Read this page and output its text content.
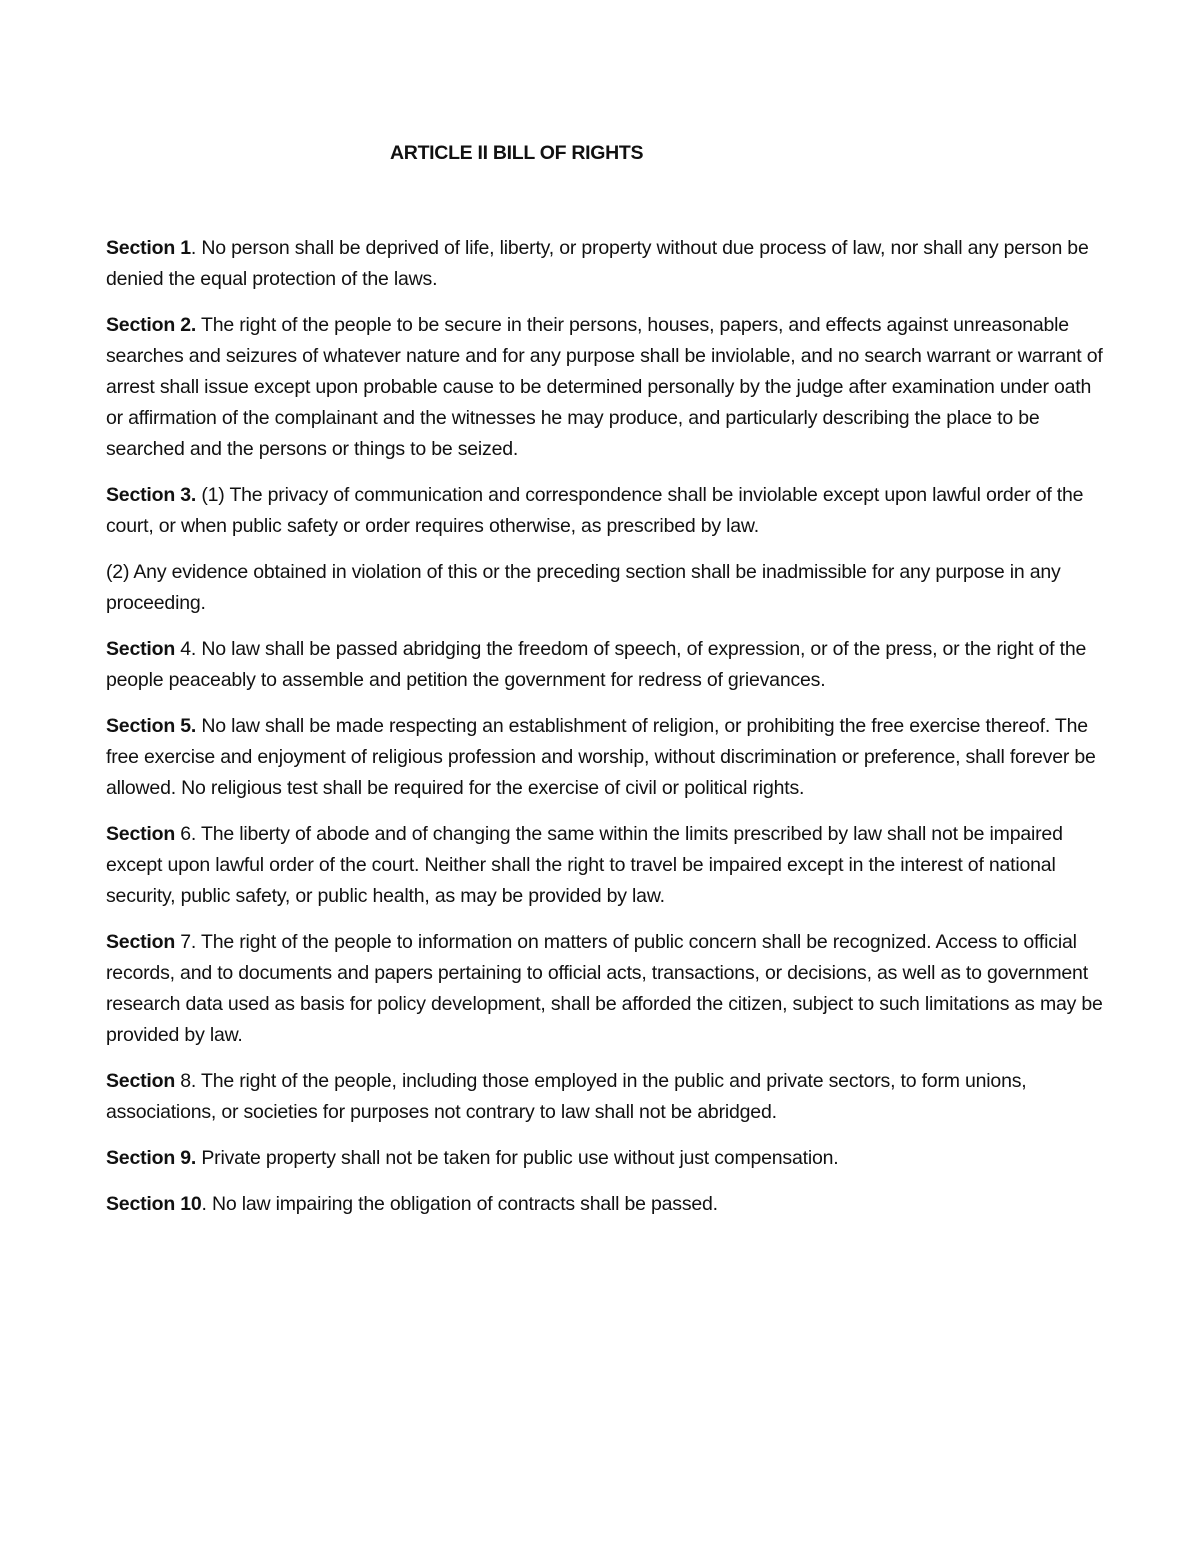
ARTICLE II BILL OF RIGHTS

Section 1. No person shall be deprived of life, liberty, or property without due process of law, nor shall any person be denied the equal protection of the laws.

Section 2. The right of the people to be secure in their persons, houses, papers, and effects against unreasonable searches and seizures of whatever nature and for any purpose shall be inviolable, and no search warrant or warrant of arrest shall issue except upon probable cause to be determined personally by the judge after examination under oath or affirmation of the complainant and the witnesses he may produce, and particularly describing the place to be searched and the persons or things to be seized.

Section 3. (1) The privacy of communication and correspondence shall be inviolable except upon lawful order of the court, or when public safety or order requires otherwise, as prescribed by law.

(2) Any evidence obtained in violation of this or the preceding section shall be inadmissible for any purpose in any proceeding.

Section 4. No law shall be passed abridging the freedom of speech, of expression, or of the press, or the right of the people peaceably to assemble and petition the government for redress of grievances.

Section 5. No law shall be made respecting an establishment of religion, or prohibiting the free exercise thereof. The free exercise and enjoyment of religious profession and worship, without discrimination or preference, shall forever be allowed. No religious test shall be required for the exercise of civil or political rights.

Section 6. The liberty of abode and of changing the same within the limits prescribed by law shall not be impaired except upon lawful order of the court. Neither shall the right to travel be impaired except in the interest of national security, public safety, or public health, as may be provided by law.

Section 7. The right of the people to information on matters of public concern shall be recognized. Access to official records, and to documents and papers pertaining to official acts, transactions, or decisions, as well as to government research data used as basis for policy development, shall be afforded the citizen, subject to such limitations as may be provided by law.

Section 8. The right of the people, including those employed in the public and private sectors, to form unions, associations, or societies for purposes not contrary to law shall not be abridged.

Section 9. Private property shall not be taken for public use without just compensation.

Section 10. No law impairing the obligation of contracts shall be passed.
